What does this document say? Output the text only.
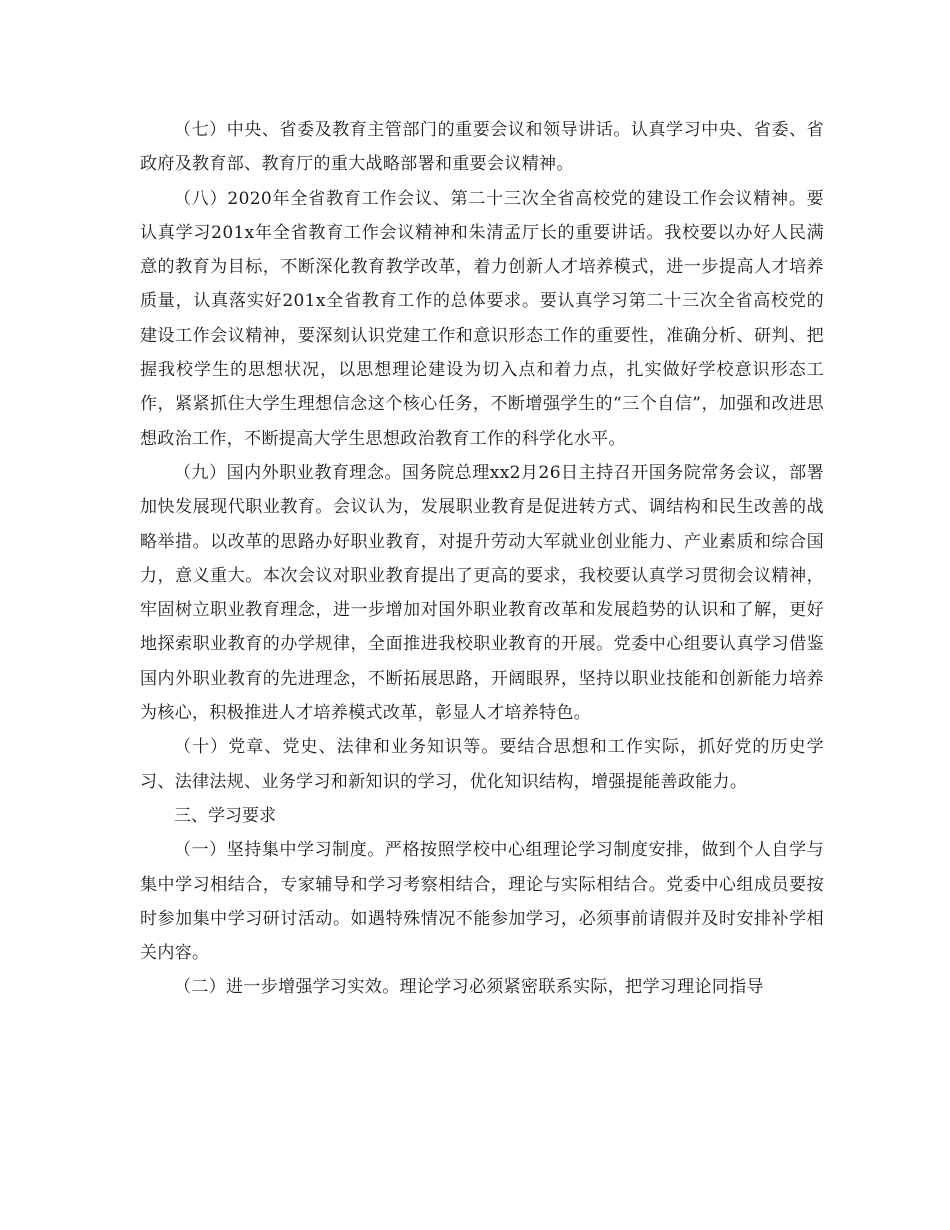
（七）中央、省委及教育主管部门的重要会议和领导讲话。认真学习中央、省委、省政府及教育部、教育厅的重大战略部署和重要会议精神。

（八）2020年全省教育工作会议、第二十三次全省高校党的建设工作会议精神。要认真学习201x年全省教育工作会议精神和朱清孟厅长的重要讲话。我校要以办好人民满意的教育为目标，不断深化教育教学改革，着力创新人才培养模式，进一步提高人才培养质量，认真落实好201x全省教育工作的总体要求。要认真学习第二十三次全省高校党的建设工作会议精神，要深刻认识党建工作和意识形态工作的重要性，准确分析、研判、把握我校学生的思想状况，以思想理论建设为切入点和着力点，扎实做好学校意识形态工作，紧紧抓住大学生理想信念这个核心任务，不断增强学生的“三个自信”，加强和改进思想政治工作，不断提高大学生思想政治教育工作的科学化水平。

（九）国内外职业教育理念。国务院总理xx2月26日主持召开国务院常务会议，部署加快发展现代职业教育。会议认为，发展职业教育是促进转方式、调结构和民生改善的战略举措。以改革的思路办好职业教育，对提升劳动大军就业创业能力、产业素质和综合国力，意义重大。本次会议对职业教育提出了更高的要求，我校要认真学习贯彻会议精神，牢固树立职业教育理念，进一步增加对国外职业教育改革和发展趋势的认识和了解，更好地探索职业教育的办学规律，全面推进我校职业教育的开展。党委中心组要认真学习借鉴国内外职业教育的先进理念，不断拓展思路，开阔眼界，坚持以职业技能和创新能力培养为核心，积极推进人才培养模式改革，彰显人才培养特色。

（十）党章、党史、法律和业务知识等。要结合思想和工作实际，抓好党的历史学习、法律法规、业务学习和新知识的学习，优化知识结构，增强提能善政能力。

三、学习要求

（一）坚持集中学习制度。严格按照学校中心组理论学习制度安排，做到个人自学与集中学习相结合，专家辅导和学习考察相结合，理论与实际相结合。党委中心组成员要按时参加集中学习研讨活动。如遇特殊情况不能参加学习，必须事前请假并及时安排补学相关内容。

（二）进一步增强学习实效。理论学习必须紧密联系实际，把学习理论同指导
